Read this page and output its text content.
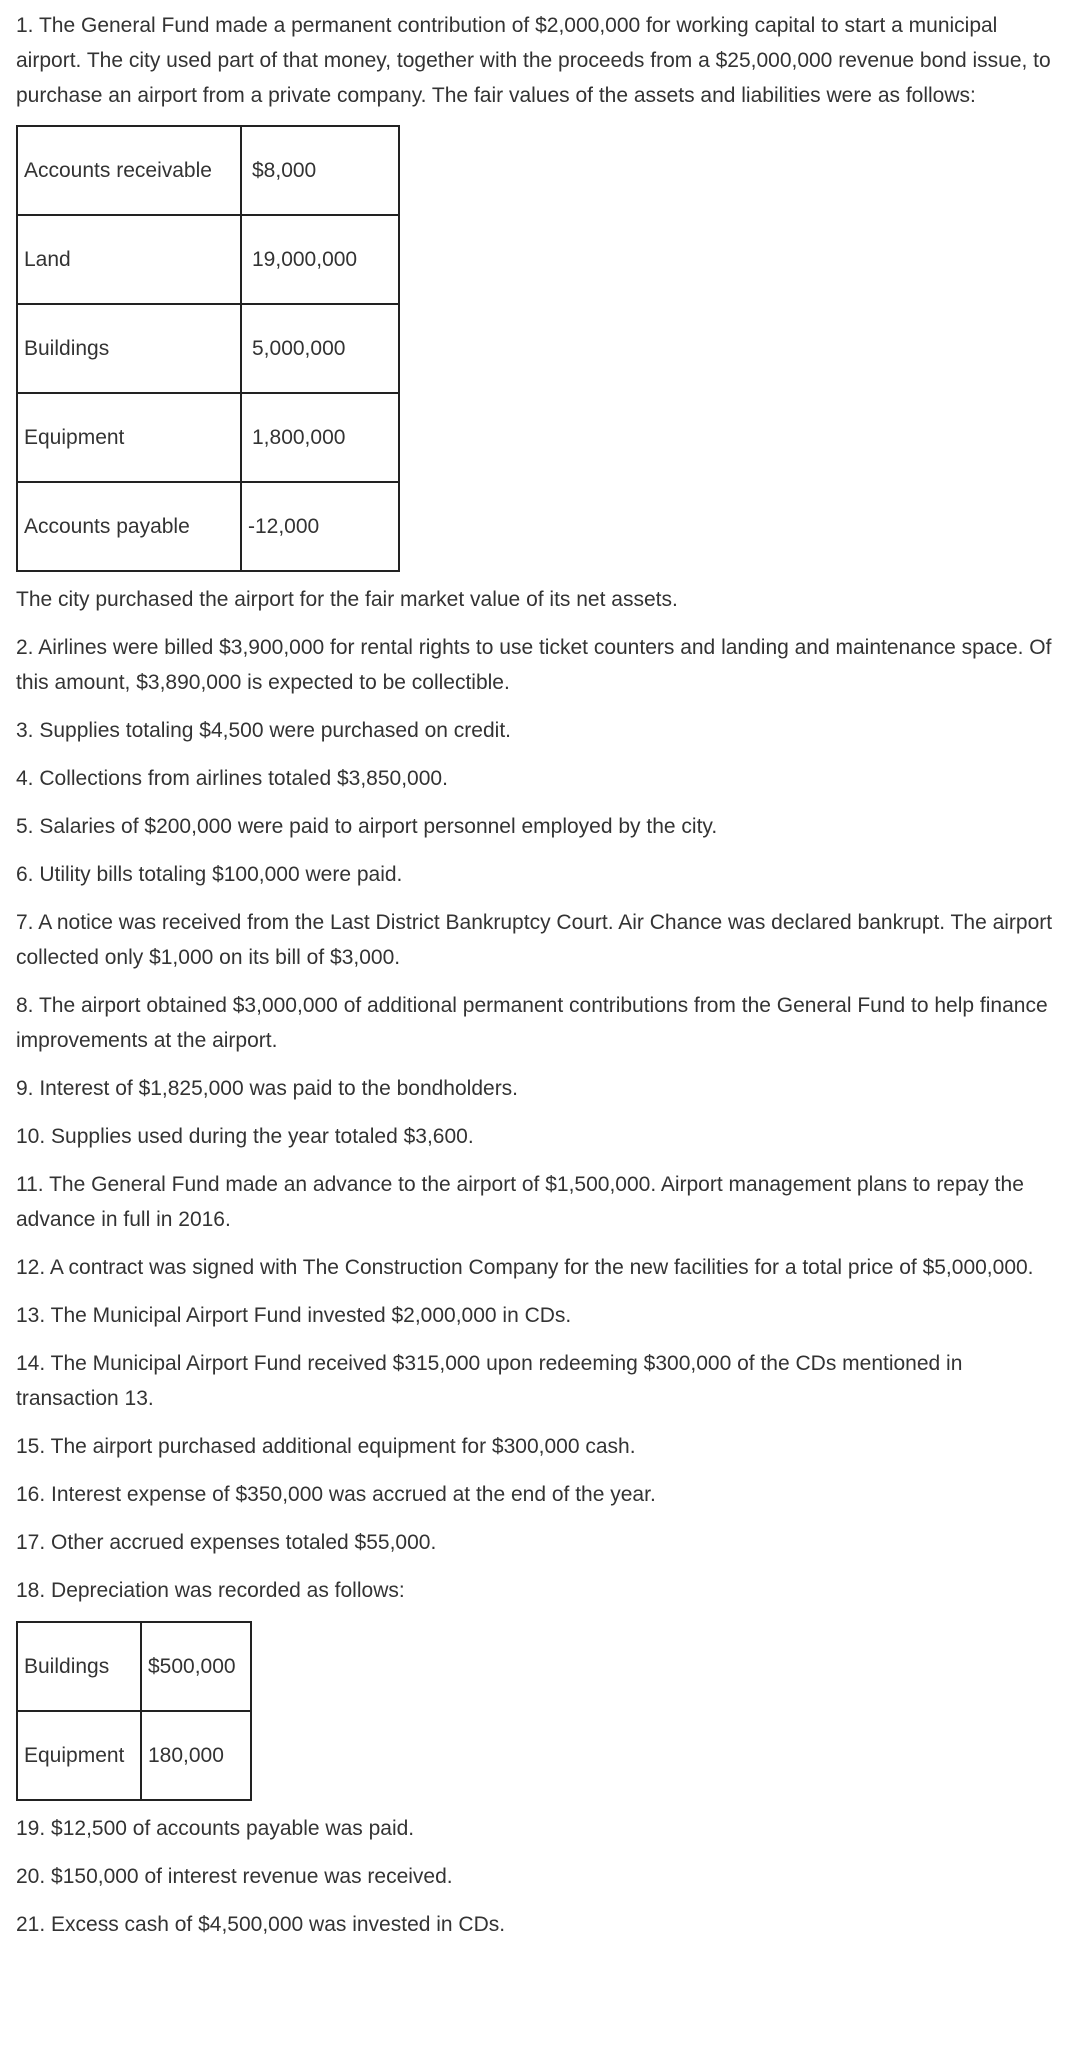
1. The General Fund made a permanent contribution of $2,000,000 for working capital to start a municipal airport. The city used part of that money, together with the proceeds from a $25,000,000 revenue bond issue, to purchase an airport from a private company. The fair values of the assets and liabilities were as follows:

Accounts receivable	$8,000
Land	19,000,000
Buildings	5,000,000
Equipment	1,800,000
Accounts payable	-12,000

The city purchased the airport for the fair market value of its net assets.

2. Airlines were billed $3,900,000 for rental rights to use ticket counters and landing and maintenance space. Of this amount, $3,890,000 is expected to be collectible.

3. Supplies totaling $4,500 were purchased on credit.

4. Collections from airlines totaled $3,850,000.

5. Salaries of $200,000 were paid to airport personnel employed by the city.

6. Utility bills totaling $100,000 were paid.

7. A notice was received from the Last District Bankruptcy Court. Air Chance was declared bankrupt. The airport collected only $1,000 on its bill of $3,000.

8. The airport obtained $3,000,000 of additional permanent contributions from the General Fund to help finance improvements at the airport.

9. Interest of $1,825,000 was paid to the bondholders.

10. Supplies used during the year totaled $3,600.

11. The General Fund made an advance to the airport of $1,500,000. Airport management plans to repay the advance in full in 2016.

12. A contract was signed with The Construction Company for the new facilities for a total price of $5,000,000.

13. The Municipal Airport Fund invested $2,000,000 in CDs.

14. The Municipal Airport Fund received $315,000 upon redeeming $300,000 of the CDs mentioned in transaction 13.

15. The airport purchased additional equipment for $300,000 cash.

16. Interest expense of $350,000 was accrued at the end of the year.

17. Other accrued expenses totaled $55,000.

18. Depreciation was recorded as follows:

Buildings	$500,000
Equipment	180,000

19. $12,500 of accounts payable was paid.

20. $150,000 of interest revenue was received.

21. Excess cash of $4,500,000 was invested in CDs.
